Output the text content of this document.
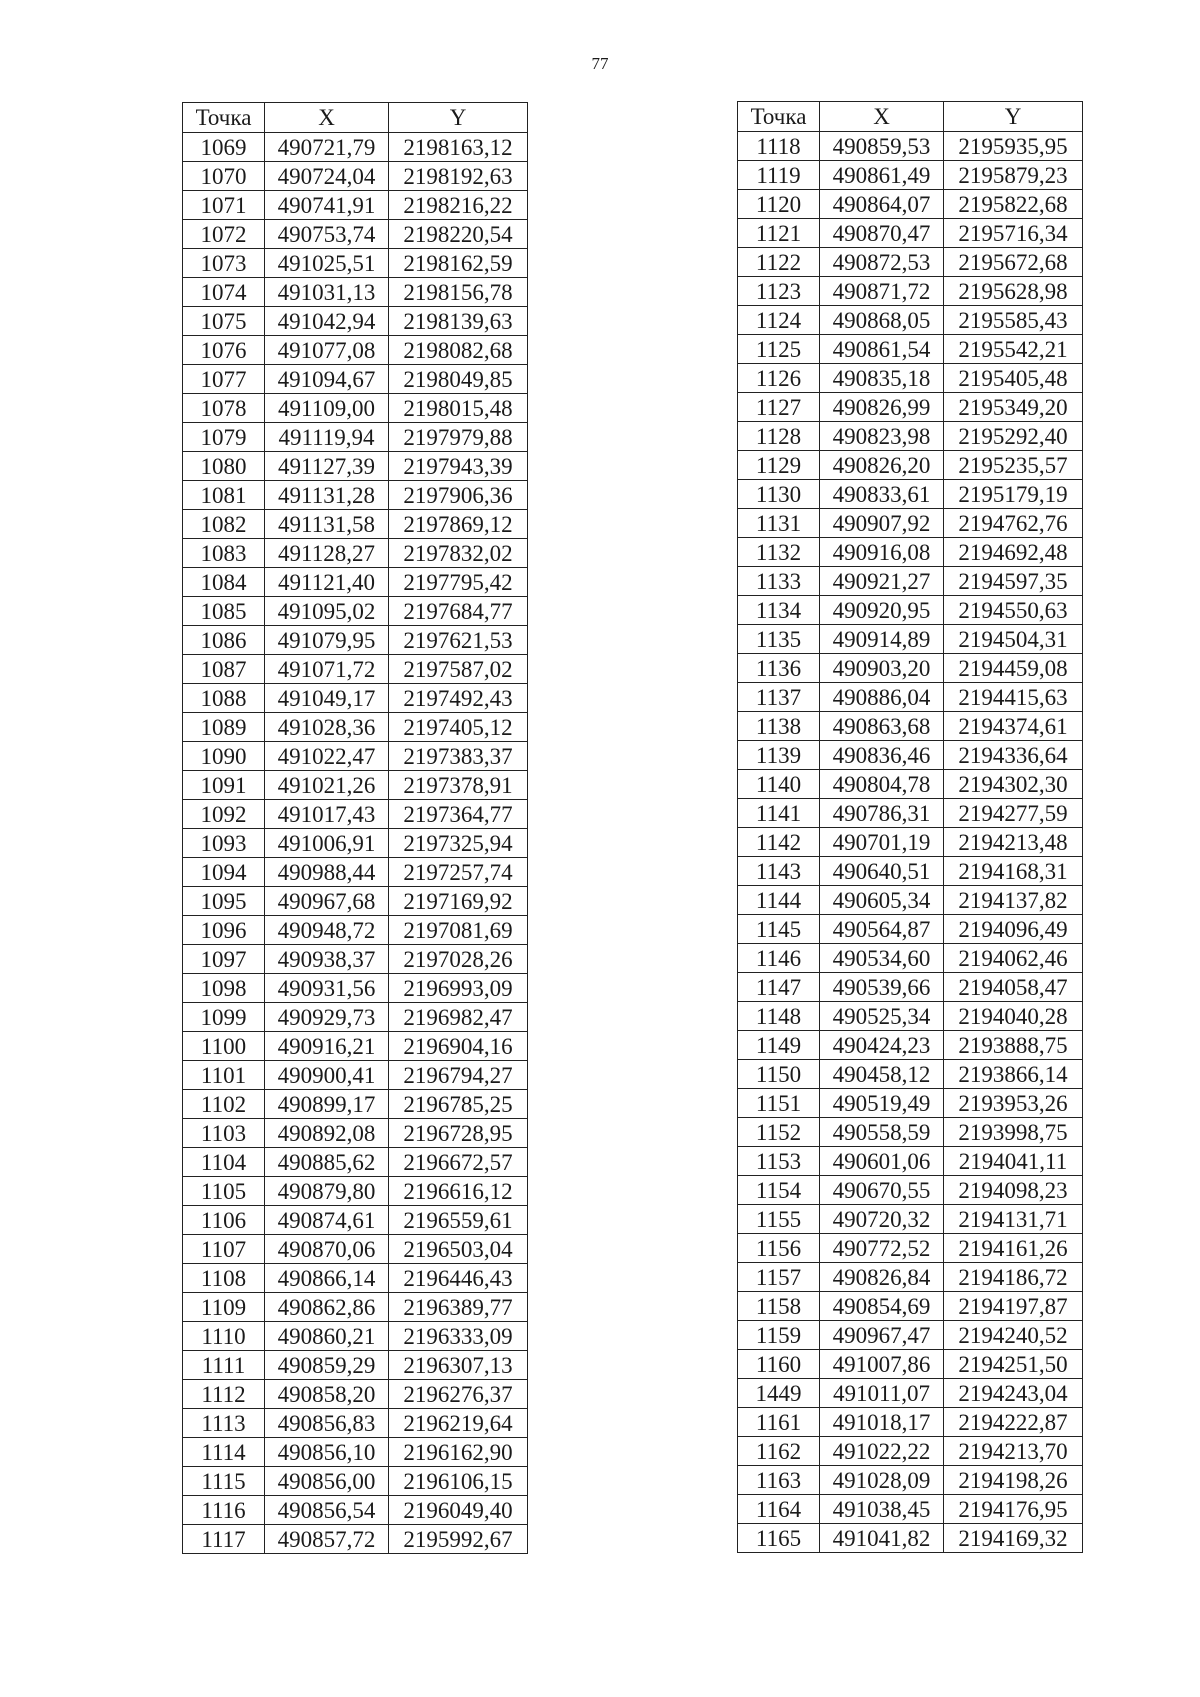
77
Точка	X	Y
1069	490721,79	2198163,12
1070	490724,04	2198192,63
1071	490741,91	2198216,22
1072	490753,74	2198220,54
1073	491025,51	2198162,59
1074	491031,13	2198156,78
1075	491042,94	2198139,63
1076	491077,08	2198082,68
1077	491094,67	2198049,85
1078	491109,00	2198015,48
1079	491119,94	2197979,88
1080	491127,39	2197943,39
1081	491131,28	2197906,36
1082	491131,58	2197869,12
1083	491128,27	2197832,02
1084	491121,40	2197795,42
1085	491095,02	2197684,77
1086	491079,95	2197621,53
1087	491071,72	2197587,02
1088	491049,17	2197492,43
1089	491028,36	2197405,12
1090	491022,47	2197383,37
1091	491021,26	2197378,91
1092	491017,43	2197364,77
1093	491006,91	2197325,94
1094	490988,44	2197257,74
1095	490967,68	2197169,92
1096	490948,72	2197081,69
1097	490938,37	2197028,26
1098	490931,56	2196993,09
1099	490929,73	2196982,47
1100	490916,21	2196904,16
1101	490900,41	2196794,27
1102	490899,17	2196785,25
1103	490892,08	2196728,95
1104	490885,62	2196672,57
1105	490879,80	2196616,12
1106	490874,61	2196559,61
1107	490870,06	2196503,04
1108	490866,14	2196446,43
1109	490862,86	2196389,77
1110	490860,21	2196333,09
1111	490859,29	2196307,13
1112	490858,20	2196276,37
1113	490856,83	2196219,64
1114	490856,10	2196162,90
1115	490856,00	2196106,15
1116	490856,54	2196049,40
1117	490857,72	2195992,67
Точка	X	Y
1118	490859,53	2195935,95
1119	490861,49	2195879,23
1120	490864,07	2195822,68
1121	490870,47	2195716,34
1122	490872,53	2195672,68
1123	490871,72	2195628,98
1124	490868,05	2195585,43
1125	490861,54	2195542,21
1126	490835,18	2195405,48
1127	490826,99	2195349,20
1128	490823,98	2195292,40
1129	490826,20	2195235,57
1130	490833,61	2195179,19
1131	490907,92	2194762,76
1132	490916,08	2194692,48
1133	490921,27	2194597,35
1134	490920,95	2194550,63
1135	490914,89	2194504,31
1136	490903,20	2194459,08
1137	490886,04	2194415,63
1138	490863,68	2194374,61
1139	490836,46	2194336,64
1140	490804,78	2194302,30
1141	490786,31	2194277,59
1142	490701,19	2194213,48
1143	490640,51	2194168,31
1144	490605,34	2194137,82
1145	490564,87	2194096,49
1146	490534,60	2194062,46
1147	490539,66	2194058,47
1148	490525,34	2194040,28
1149	490424,23	2193888,75
1150	490458,12	2193866,14
1151	490519,49	2193953,26
1152	490558,59	2193998,75
1153	490601,06	2194041,11
1154	490670,55	2194098,23
1155	490720,32	2194131,71
1156	490772,52	2194161,26
1157	490826,84	2194186,72
1158	490854,69	2194197,87
1159	490967,47	2194240,52
1160	491007,86	2194251,50
1449	491011,07	2194243,04
1161	491018,17	2194222,87
1162	491022,22	2194213,70
1163	491028,09	2194198,26
1164	491038,45	2194176,95
1165	491041,82	2194169,32
